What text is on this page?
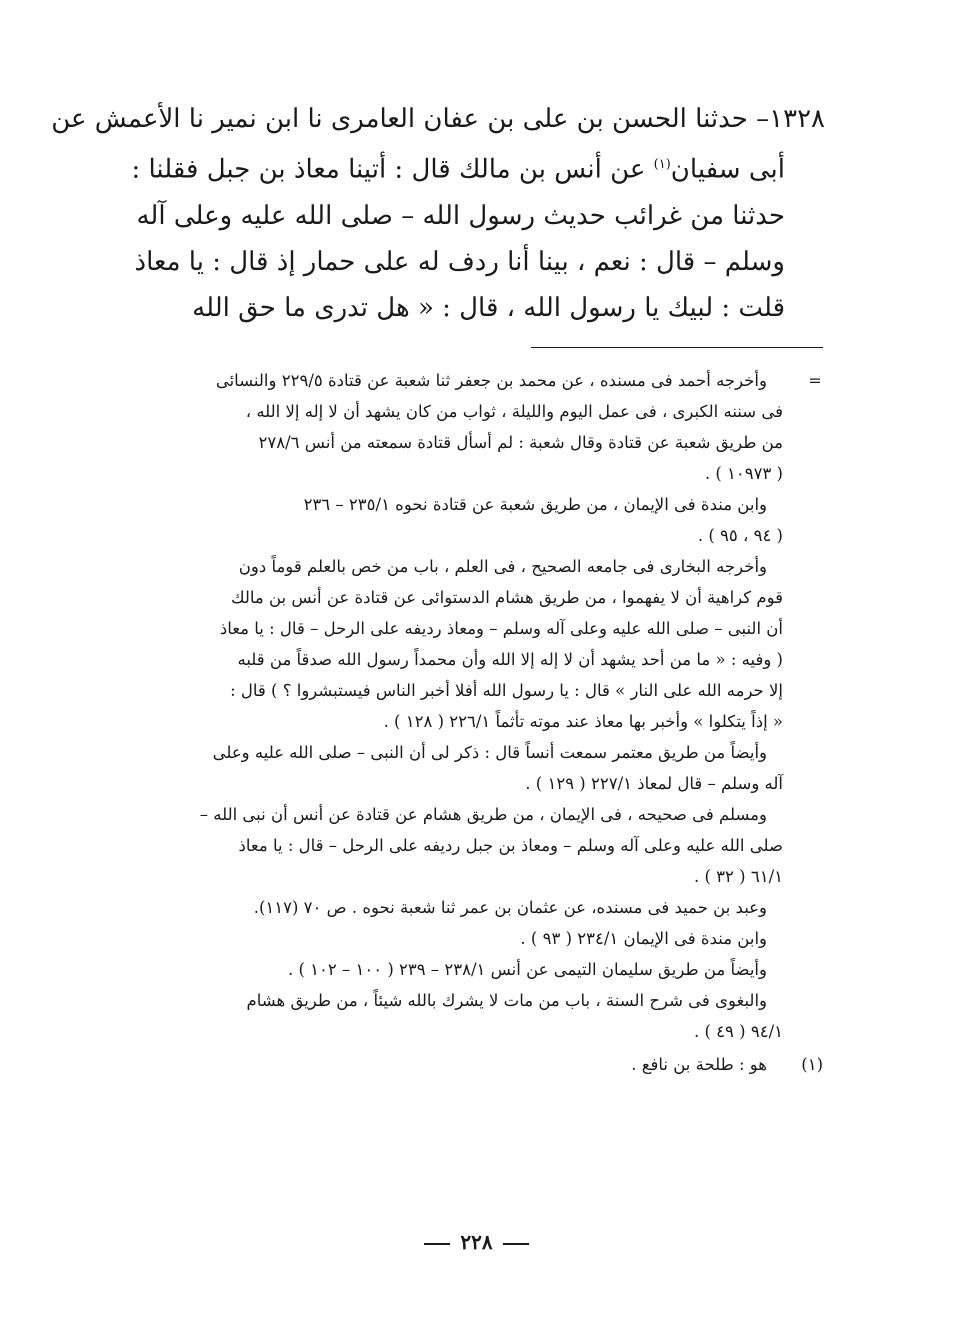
١٣٢٨– حدثنا الحسن بن على بن عفان العامرى نا ابن نمير نا الأعمش عن
أبى سفيان$^{(١)}$ عن أنس بن مالك قال : أتينا معاذ بن جبل فقلنا :
حدثنا من غرائب حديث رسول الله – صلى الله عليه وعلى آله
وسلم – قال : نعم ، بينا أنا ردف له على حمار إذ قال : يا معاذ
قلت : لبيك يا رسول الله ، قال : « هل تدرى ما حق الله
=
وأخرجه أحمد فى مسنده ، عن محمد بن جعفر ثنا شعبة عن قتادة ٢٢٩/٥ والنسائى
فى سننه الكبرى ، فى عمل اليوم والليلة ، ثواب من كان يشهد أن لا إله إلا الله ،
من طريق شعبة عن قتادة وقال شعبة : لم أسأل قتادة سمعته من أنس ٢٧٨/٦
( ١٠٩٧٣ ) .
وابن مندة فى الإيمان ، من طريق شعبة عن قتادة نحوه ٢٣٥/١ – ٢٣٦
( ٩٤ ، ٩٥ ) .
وأخرجه البخارى فى جامعه الصحيح ، فى العلم ، باب من خص بالعلم قوماً دون
قوم كراهية أن لا يفهموا ، من طريق هشام الدستوائى عن قتادة عن أنس بن مالك
أن النبى – صلى الله عليه وعلى آله وسلم – ومعاذ رديفه على الرحل – قال : يا معاذ
( وفيه : « ما من أحد يشهد أن لا إله إلا الله وأن محمداً رسول الله صدقاً من قلبه
إلا حرمه الله على النار » قال : يا رسول الله أفلا أخبر الناس فيستبشروا ؟ ) قال :
« إذاً يتكلوا » وأخبر بها معاذ عند موته تأثماً ٢٢٦/١ ( ١٢٨ ) .
وأيضاً من طريق معتمر سمعت أنساً قال : ذكر لى أن النبى – صلى الله عليه وعلى
آله وسلم – قال لمعاذ ٢٢٧/١ ( ١٢٩ ) .
ومسلم فى صحيحه ، فى الإيمان ، من طريق هشام عن قتادة عن أنس أن نبى الله –
صلى الله عليه وعلى آله وسلم – ومعاذ بن جبل رديفه على الرحل – قال : يا معاذ
٦١/١ ( ٣٢ ) .
وعبد بن حميد فى مسنده، عن عثمان بن عمر ثنا شعبة نحوه . ص ٧٠ (١١٧).
وابن مندة فى الإيمان ٢٣٤/١ ( ٩٣ ) .
وأيضاً من طريق سليمان التيمى عن أنس ٢٣٨/١ – ٢٣٩ ( ١٠٠ – ١٠٢ ) .
والبغوى فى شرح السنة ، باب من مات لا يشرك بالله شيئاً ، من طريق هشام
٩٤/١ ( ٤٩ ) .
(١)هو : طلحة بن نافع .
٢٢٨
